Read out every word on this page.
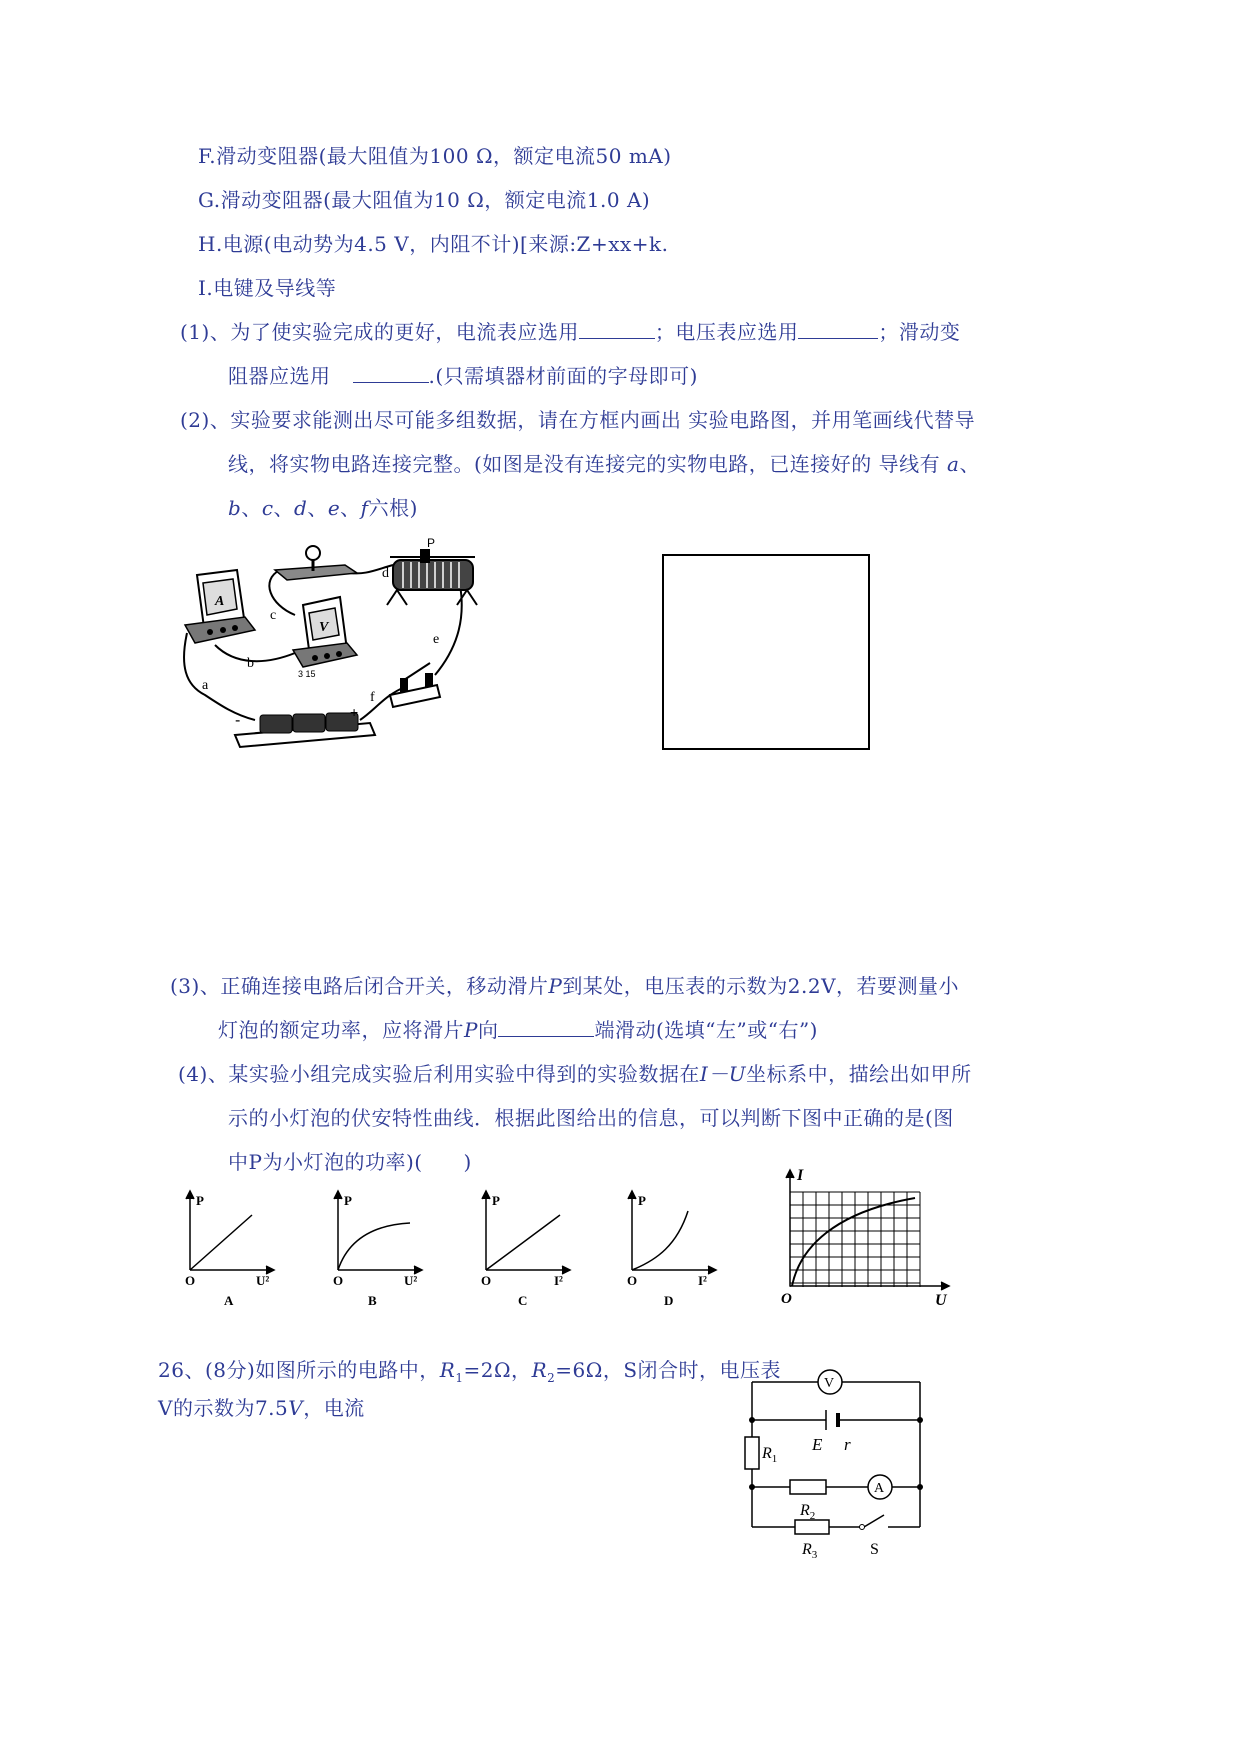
F.滑动变阻器(最大阻值为100 Ω，额定电流50 mA)
G.滑动变阻器(最大阻值为10 Ω，额定电流1.0 A)
H.电源(电动势为4.5 V，内阻不计)[来源:Z+xx+k.
I.电键及导线等
(1)、为了使实验完成的更好，电流表应选用	；电压表应选用	；滑动变
阻器应选用	.(只需填器材前面的字母即可)
(2)、实验要求能测出尽可能多组数据，请在方框内画出 实验电路图，并用笔画线代替导
线，将实物电路连接完整。(如图是没有连接完的实物电路，已连接好的 导线有 a、
b、c、d、e、f六根)
A
V
3 15
P
-	+
a
b
c
d
e
f
(3)、正确连接电路后闭合开关，移动滑片P到某处，电压表的示数为2.2V，若要测量小
灯泡的额定功率，应将滑片P向	端滑动(选填“左”或“右”)
(4)、某实验小组完成实验后利用实验中得到的实验数据在I－U坐标系中，描绘出如甲所
示的小灯泡的伏安特性曲线．根据此图给出的信息，可以判断下图中正确的是(图
中P为小灯泡的功率)(　　)
P
O	U²
A
P
O	U²
B
P
O	I²
C
P
O	I²
D
I
O	U
26、(8分)如图所示的电路中，$R_1=2\Omega$，$R_2=6\Omega$，S闭合时，电压表
V的示数为7.5V，电流
V
A
E r
$R_1$
$R_2$
$R_3$	S
